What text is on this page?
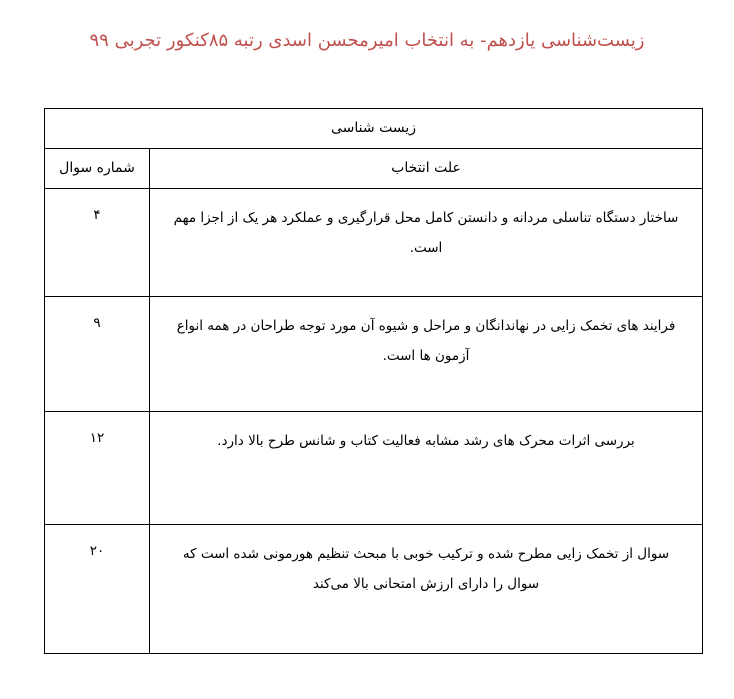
زیست‌شناسی یازدهم- به انتخاب امیرمحسن اسدی رتبه ۸۵کنکور تجربی ۹۹
زیست شناسی	

علت انتخاب	شماره سوال

ساختار دستگاه تناسلی مردانه و دانستن کامل محل قرارگیری و عملکرد هر یک از اجزا مهم است.	۴
فرایند های تخمک زایی در نهاندانگان و مراحل و شیوه آن مورد توجه طراحان در همه انواع آزمون ها است.	۹
بررسی اثرات محرک های رشد مشابه فعالیت کتاب و شانس طرح بالا دارد.	۱۲
سوال از تخمک زایی مطرح شده و ترکیب خوبی با مبحث تنظیم هورمونی شده است که سوال را دارای ارزش امتحانی بالا می‌کند	۲۰
